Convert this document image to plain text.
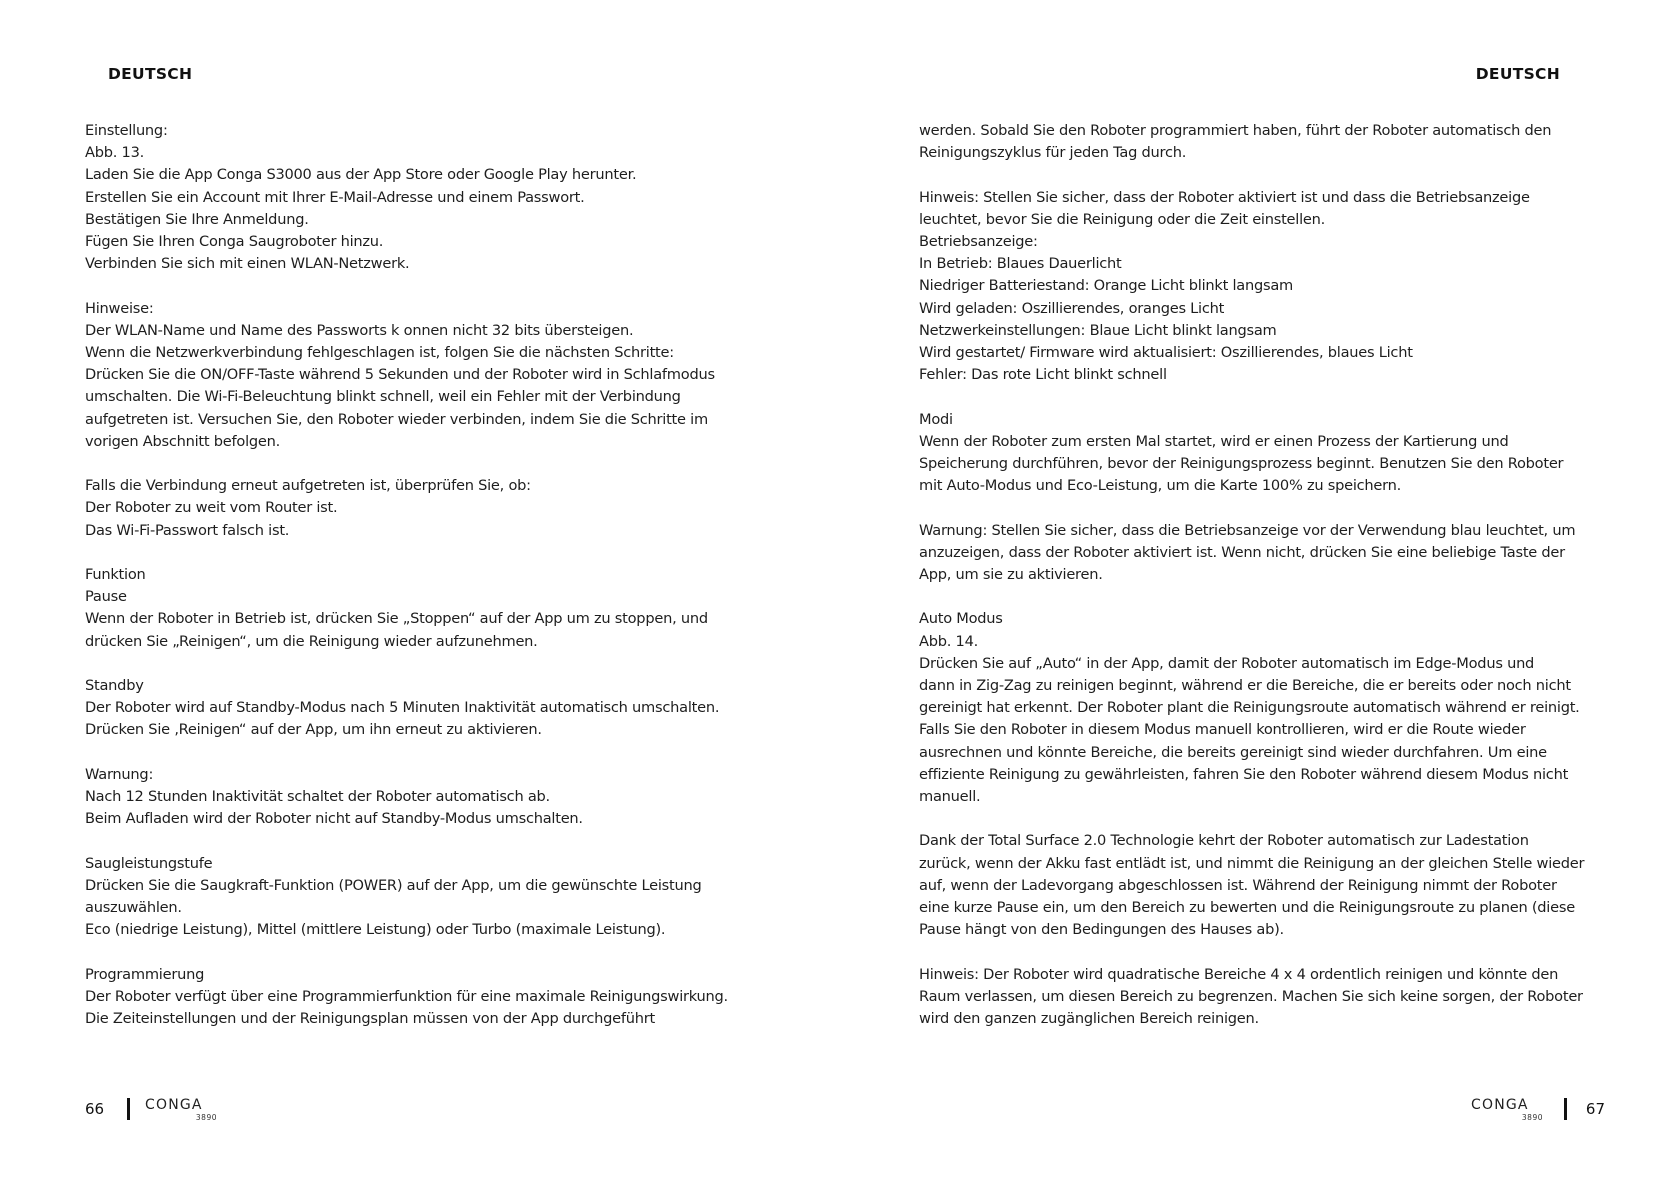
DEUTSCH
Einstellung:
Abb. 13.
Laden Sie die App Conga S3000 aus der App Store oder Google Play herunter.
Erstellen Sie ein Account mit Ihrer E-Mail-Adresse und einem Passwort.
Bestätigen Sie Ihre Anmeldung.
Fügen Sie Ihren Conga Saugroboter hinzu.
Verbinden Sie sich mit einen WLAN-Netzwerk.
Hinweise:
Der WLAN-Name und Name des Passworts k onnen nicht 32 bits übersteigen.
Wenn die Netzwerkverbindung fehlgeschlagen ist, folgen Sie die nächsten Schritte:
Drücken Sie die ON/OFF-Taste während 5 Sekunden und der Roboter wird in Schlafmodus
umschalten. Die Wi-Fi-Beleuchtung blinkt schnell, weil ein Fehler mit der Verbindung
aufgetreten ist. Versuchen Sie, den Roboter wieder verbinden, indem Sie die Schritte im
vorigen Abschnitt befolgen.
Falls die Verbindung erneut aufgetreten ist, überprüfen Sie, ob:
Der Roboter zu weit vom Router ist.
Das Wi-Fi-Passwort falsch ist.
Funktion
Pause
Wenn der Roboter in Betrieb ist, drücken Sie „Stoppen“ auf der App um zu stoppen, und
drücken Sie „Reinigen“, um die Reinigung wieder aufzunehmen.
Standby
Der Roboter wird auf Standby-Modus nach 5 Minuten Inaktivität automatisch umschalten.
Drücken Sie ‚Reinigen“ auf der App, um ihn erneut zu aktivieren.
Warnung:
Nach 12 Stunden Inaktivität schaltet der Roboter automatisch ab.
Beim Aufladen wird der Roboter nicht auf Standby-Modus umschalten.
Saugleistungstufe
Drücken Sie die Saugkraft-Funktion (POWER) auf der App, um die gewünschte Leistung
auszuwählen.
Eco (niedrige Leistung), Mittel (mittlere Leistung) oder Turbo (maximale Leistung).
Programmierung
Der Roboter verfügt über eine Programmierfunktion für eine maximale Reinigungswirkung.
Die Zeiteinstellungen und der Reinigungsplan müssen von der App durchgeführt
66	CONGA
3890
DEUTSCH
werden. Sobald Sie den Roboter programmiert haben, führt der Roboter automatisch den
Reinigungszyklus für jeden Tag durch.
Hinweis: Stellen Sie sicher, dass der Roboter aktiviert ist und dass die Betriebsanzeige
leuchtet, bevor Sie die Reinigung oder die Zeit einstellen.
Betriebsanzeige:
In Betrieb: Blaues Dauerlicht
Niedriger Batteriestand: Orange Licht blinkt langsam
Wird geladen: Oszillierendes, oranges Licht
Netzwerkeinstellungen: Blaue Licht blinkt langsam
Wird gestartet/ Firmware wird aktualisiert: Oszillierendes, blaues Licht
Fehler: Das rote Licht blinkt schnell
Modi
Wenn der Roboter zum ersten Mal startet, wird er einen Prozess der Kartierung und
Speicherung durchführen, bevor der Reinigungsprozess beginnt. Benutzen Sie den Roboter
mit Auto-Modus und Eco-Leistung, um die Karte 100% zu speichern.
Warnung: Stellen Sie sicher, dass die Betriebsanzeige vor der Verwendung blau leuchtet, um
anzuzeigen, dass der Roboter aktiviert ist. Wenn nicht, drücken Sie eine beliebige Taste der
App, um sie zu aktivieren.
Auto Modus
Abb. 14.
Drücken Sie auf „Auto“ in der App, damit der Roboter automatisch im Edge-Modus und
dann in Zig-Zag zu reinigen beginnt, während er die Bereiche, die er bereits oder noch nicht
gereinigt hat erkennt. Der Roboter plant die Reinigungsroute automatisch während er reinigt.
Falls Sie den Roboter in diesem Modus manuell kontrollieren, wird er die Route wieder
ausrechnen und könnte Bereiche, die bereits gereinigt sind wieder durchfahren. Um eine
effiziente Reinigung zu gewährleisten, fahren Sie den Roboter während diesem Modus nicht
manuell.
Dank der Total Surface 2.0 Technologie kehrt der Roboter automatisch zur Ladestation
zurück, wenn der Akku fast entlädt ist, und nimmt die Reinigung an der gleichen Stelle wieder
auf, wenn der Ladevorgang abgeschlossen ist. Während der Reinigung nimmt der Roboter
eine kurze Pause ein, um den Bereich zu bewerten und die Reinigungsroute zu planen (diese
Pause hängt von den Bedingungen des Hauses ab).
Hinweis: Der Roboter wird quadratische Bereiche 4 x 4 ordentlich reinigen und könnte den
Raum verlassen, um diesen Bereich zu begrenzen. Machen Sie sich keine sorgen, der Roboter
wird den ganzen zugänglichen Bereich reinigen.
CONGA
3890	67
